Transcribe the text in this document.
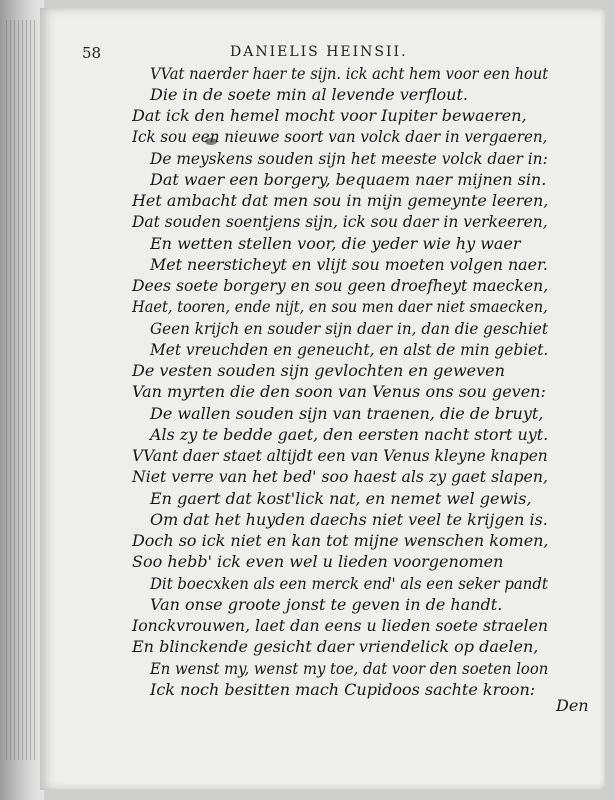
58	DANIELIS HEINSII.
VVat naerder haer te sijn. ick acht hem voor een hout
Die in de soete min al levende verflout.
Dat ick den hemel mocht voor Iupiter bewaeren,
Ick sou een nieuwe soort van volck daer in vergaeren,
De meyskens souden sijn het meeste volck daer in:
Dat waer een borgery, bequaem naer mijnen sin.
Het ambacht dat men sou in mijn gemeynte leeren,
Dat souden soentjens sijn, ick sou daer in verkeeren,
En wetten stellen voor, die yeder wie hy waer
Met neersticheyt en vlijt sou moeten volgen naer.
Dees soete borgery en sou geen droefheyt maecken,
Haet, tooren, ende nijt, en sou men daer niet smaecken,
Geen krijch en souder sijn daer in, dan die geschiet
Met vreuchden en geneucht, en alst de min gebiet.
De vesten souden sijn gevlochten en geweven
Van myrten die den soon van Venus ons sou geven:
De wallen souden sijn van traenen, die de bruyt,
Als zy te bedde gaet, den eersten nacht stort uyt.
VVant daer staet altijdt een van Venus kleyne knapen
Niet verre van het bed' soo haest als zy gaet slapen,
En gaert dat kost'lick nat, en nemet wel gewis,
Om dat het huyden daechs niet veel te krijgen is.
Doch so ick niet en kan tot mijne wenschen komen,
Soo hebb' ick even wel u lieden voorgenomen
Dit boecxken als een merck end' als een seker pandt
Van onse groote jonst te geven in de handt.
Ionckvrouwen, laet dan eens u lieden soete straelen
En blinckende gesicht daer vriendelick op daelen,
En wenst my, wenst my toe, dat voor den soeten loon
Ick noch besitten mach Cupidoos sachte kroon:
Den
